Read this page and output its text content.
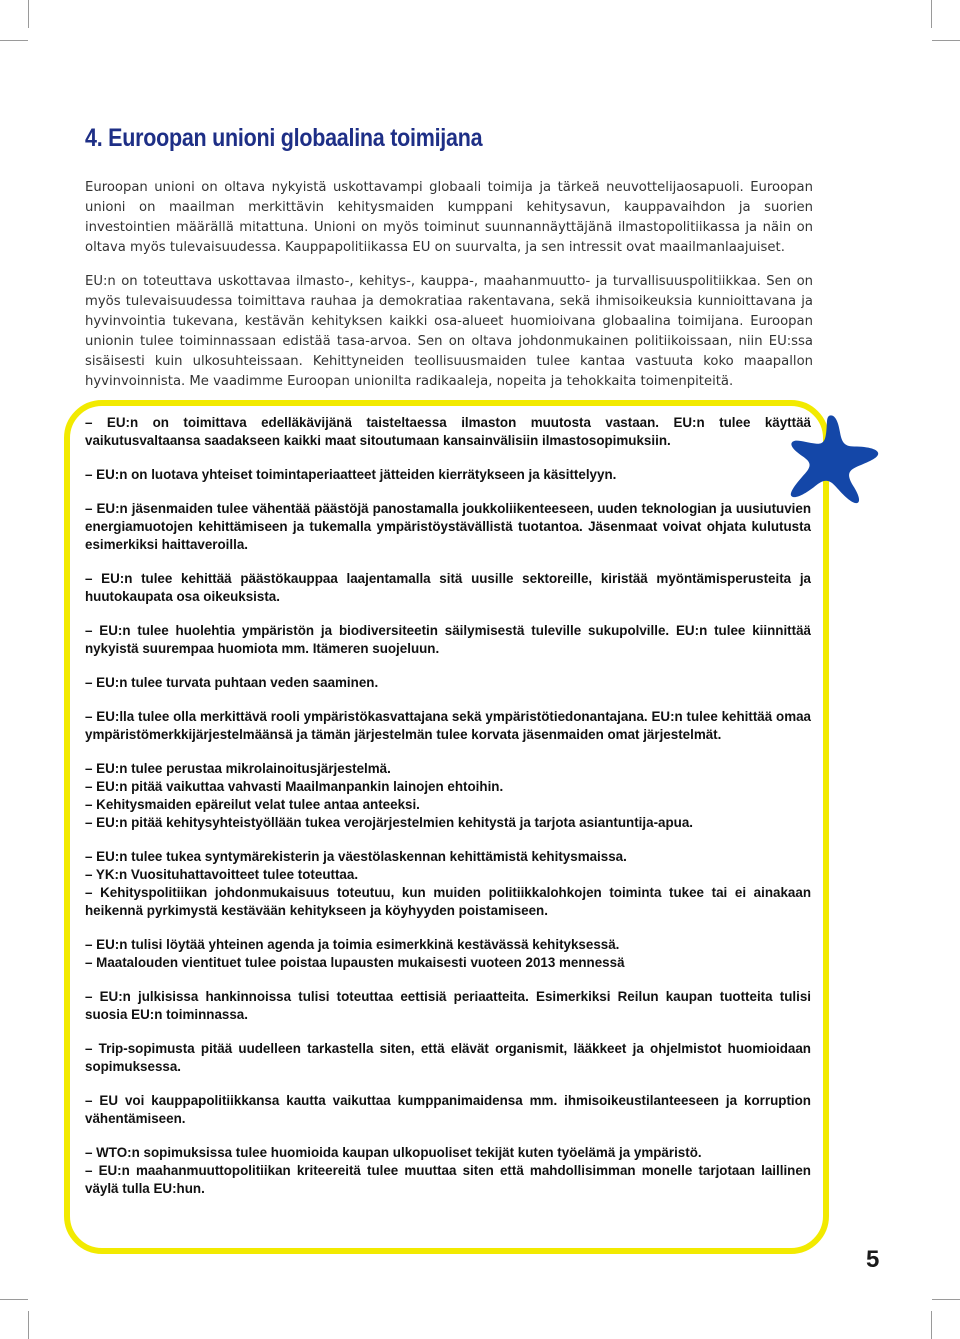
4. Euroopan unioni globaalina toimijana

Euroopan unioni on oltava nykyistä uskottavampi globaali toimija ja tärkeä neuvottelijaosapuoli. Euroopan unioni on maailman merkittävin kehitysmaiden kumppani kehitysavun, kauppavaihdon ja suorien investointien määrällä mitattuna. Unioni on myös toiminut suunnannäyttäjänä ilmastopolitiikassa ja näin on oltava myös tulevaisuudessa. Kauppapolitiikassa EU on suurvalta, ja sen intressit ovat maailmanlaajuiset.

EU:n on toteuttava uskottavaa ilmasto-, kehitys-, kauppa-, maahanmuutto- ja turvallisuuspolitiikkaa. Sen on myös tulevaisuudessa toimittava rauhaa ja demokratiaa rakentavana, sekä ihmisoikeuksia kunnioittavana ja hyvinvointia tukevana, kestävän kehityksen kaikki osa-alueet huomioivana globaalina toimijana. Euroopan unionin tulee toiminnassaan edistää tasa-arvoa. Sen on oltava johdonmukainen politiikoissaan, niin EU:ssa sisäisesti kuin ulkosuhteissaan. Kehittyneiden teollisuusmaiden tulee kantaa vastuuta koko maapallon hyvinvoinnista. Me vaadimme Euroopan unionilta radikaaleja, nopeita ja tehokkaita toimenpiteitä.

– EU:n on toimittava edelläkävijänä taisteltaessa ilmaston muutosta vastaan. EU:n tulee käyttää vaikutusvaltaansa saadakseen kaikki maat sitoutumaan kansainvälisiin ilmastosopimuksiin.
– EU:n on luotava yhteiset toimintaperiaatteet jätteiden kierrätykseen ja käsittelyyn.
– EU:n jäsenmaiden tulee vähentää päästöjä panostamalla joukkoliikenteeseen, uuden teknologian ja uusiutuvien energiamuotojen kehittämiseen ja tukemalla ympäristöystävällistä tuotantoa. Jäsenmaat voivat ohjata kulutusta esimerkiksi haittaveroilla.
– EU:n tulee kehittää päästökauppaa laajentamalla sitä uusille sektoreille, kiristää myöntämisperusteita ja huutokaupata osa oikeuksista.
– EU:n tulee huolehtia ympäristön ja biodiversiteetin säilymisestä tuleville sukupolville. EU:n tulee kiinnittää nykyistä suurempaa huomiota mm. Itämeren suojeluun.
– EU:n tulee turvata puhtaan veden saaminen.
– EU:lla tulee olla merkittävä rooli ympäristökasvattajana sekä ympäristötiedonantajana. EU:n tulee kehittää omaa ympäristömerkkijärjestelmäänsä ja tämän järjestelmän tulee korvata jäsenmaiden omat järjestelmät.
– EU:n tulee perustaa mikrolainoitusjärjestelmä.
– EU:n pitää vaikuttaa vahvasti Maailmanpankin lainojen ehtoihin.
– Kehitysmaiden epäreilut velat tulee antaa anteeksi.
– EU:n pitää kehitysyhteistyöllään tukea verojärjestelmien kehitystä ja tarjota asiantuntija-apua.
– EU:n tulee tukea syntymärekisterin ja väestölaskennan kehittämistä kehitysmaissa.
– YK:n Vuosituhattavoitteet tulee toteuttaa.
– Kehityspolitiikan johdonmukaisuus toteutuu, kun muiden politiikkalohkojen toiminta tukee tai ei ainakaan heikennä pyrkimystä kestävään kehitykseen ja köyhyyden poistamiseen.
– EU:n tulisi löytää yhteinen agenda ja toimia esimerkkinä kestävässä kehityksessä.
– Maatalouden vientituet tulee poistaa lupausten mukaisesti vuoteen 2013 mennessä
– EU:n julkisissa hankinnoissa tulisi toteuttaa eettisiä periaatteita. Esimerkiksi Reilun kaupan tuotteita tulisi suosia EU:n toiminnassa.
– Trip-sopimusta pitää uudelleen tarkastella siten, että elävät organismit, lääkkeet ja ohjelmistot huomioidaan sopimuksessa.
– EU voi kauppapolitiikkansa kautta vaikuttaa kumppanimaidensa mm. ihmisoikeustilanteeseen ja korruption vähentämiseen.
– WTO:n sopimuksissa tulee huomioida kaupan ulkopuoliset tekijät kuten työelämä ja ympäristö.
– EU:n maahanmuuttopolitiikan kriteereitä tulee muuttaa siten että mahdollisimman monelle tarjotaan laillinen väylä tulla EU:hun.
5
